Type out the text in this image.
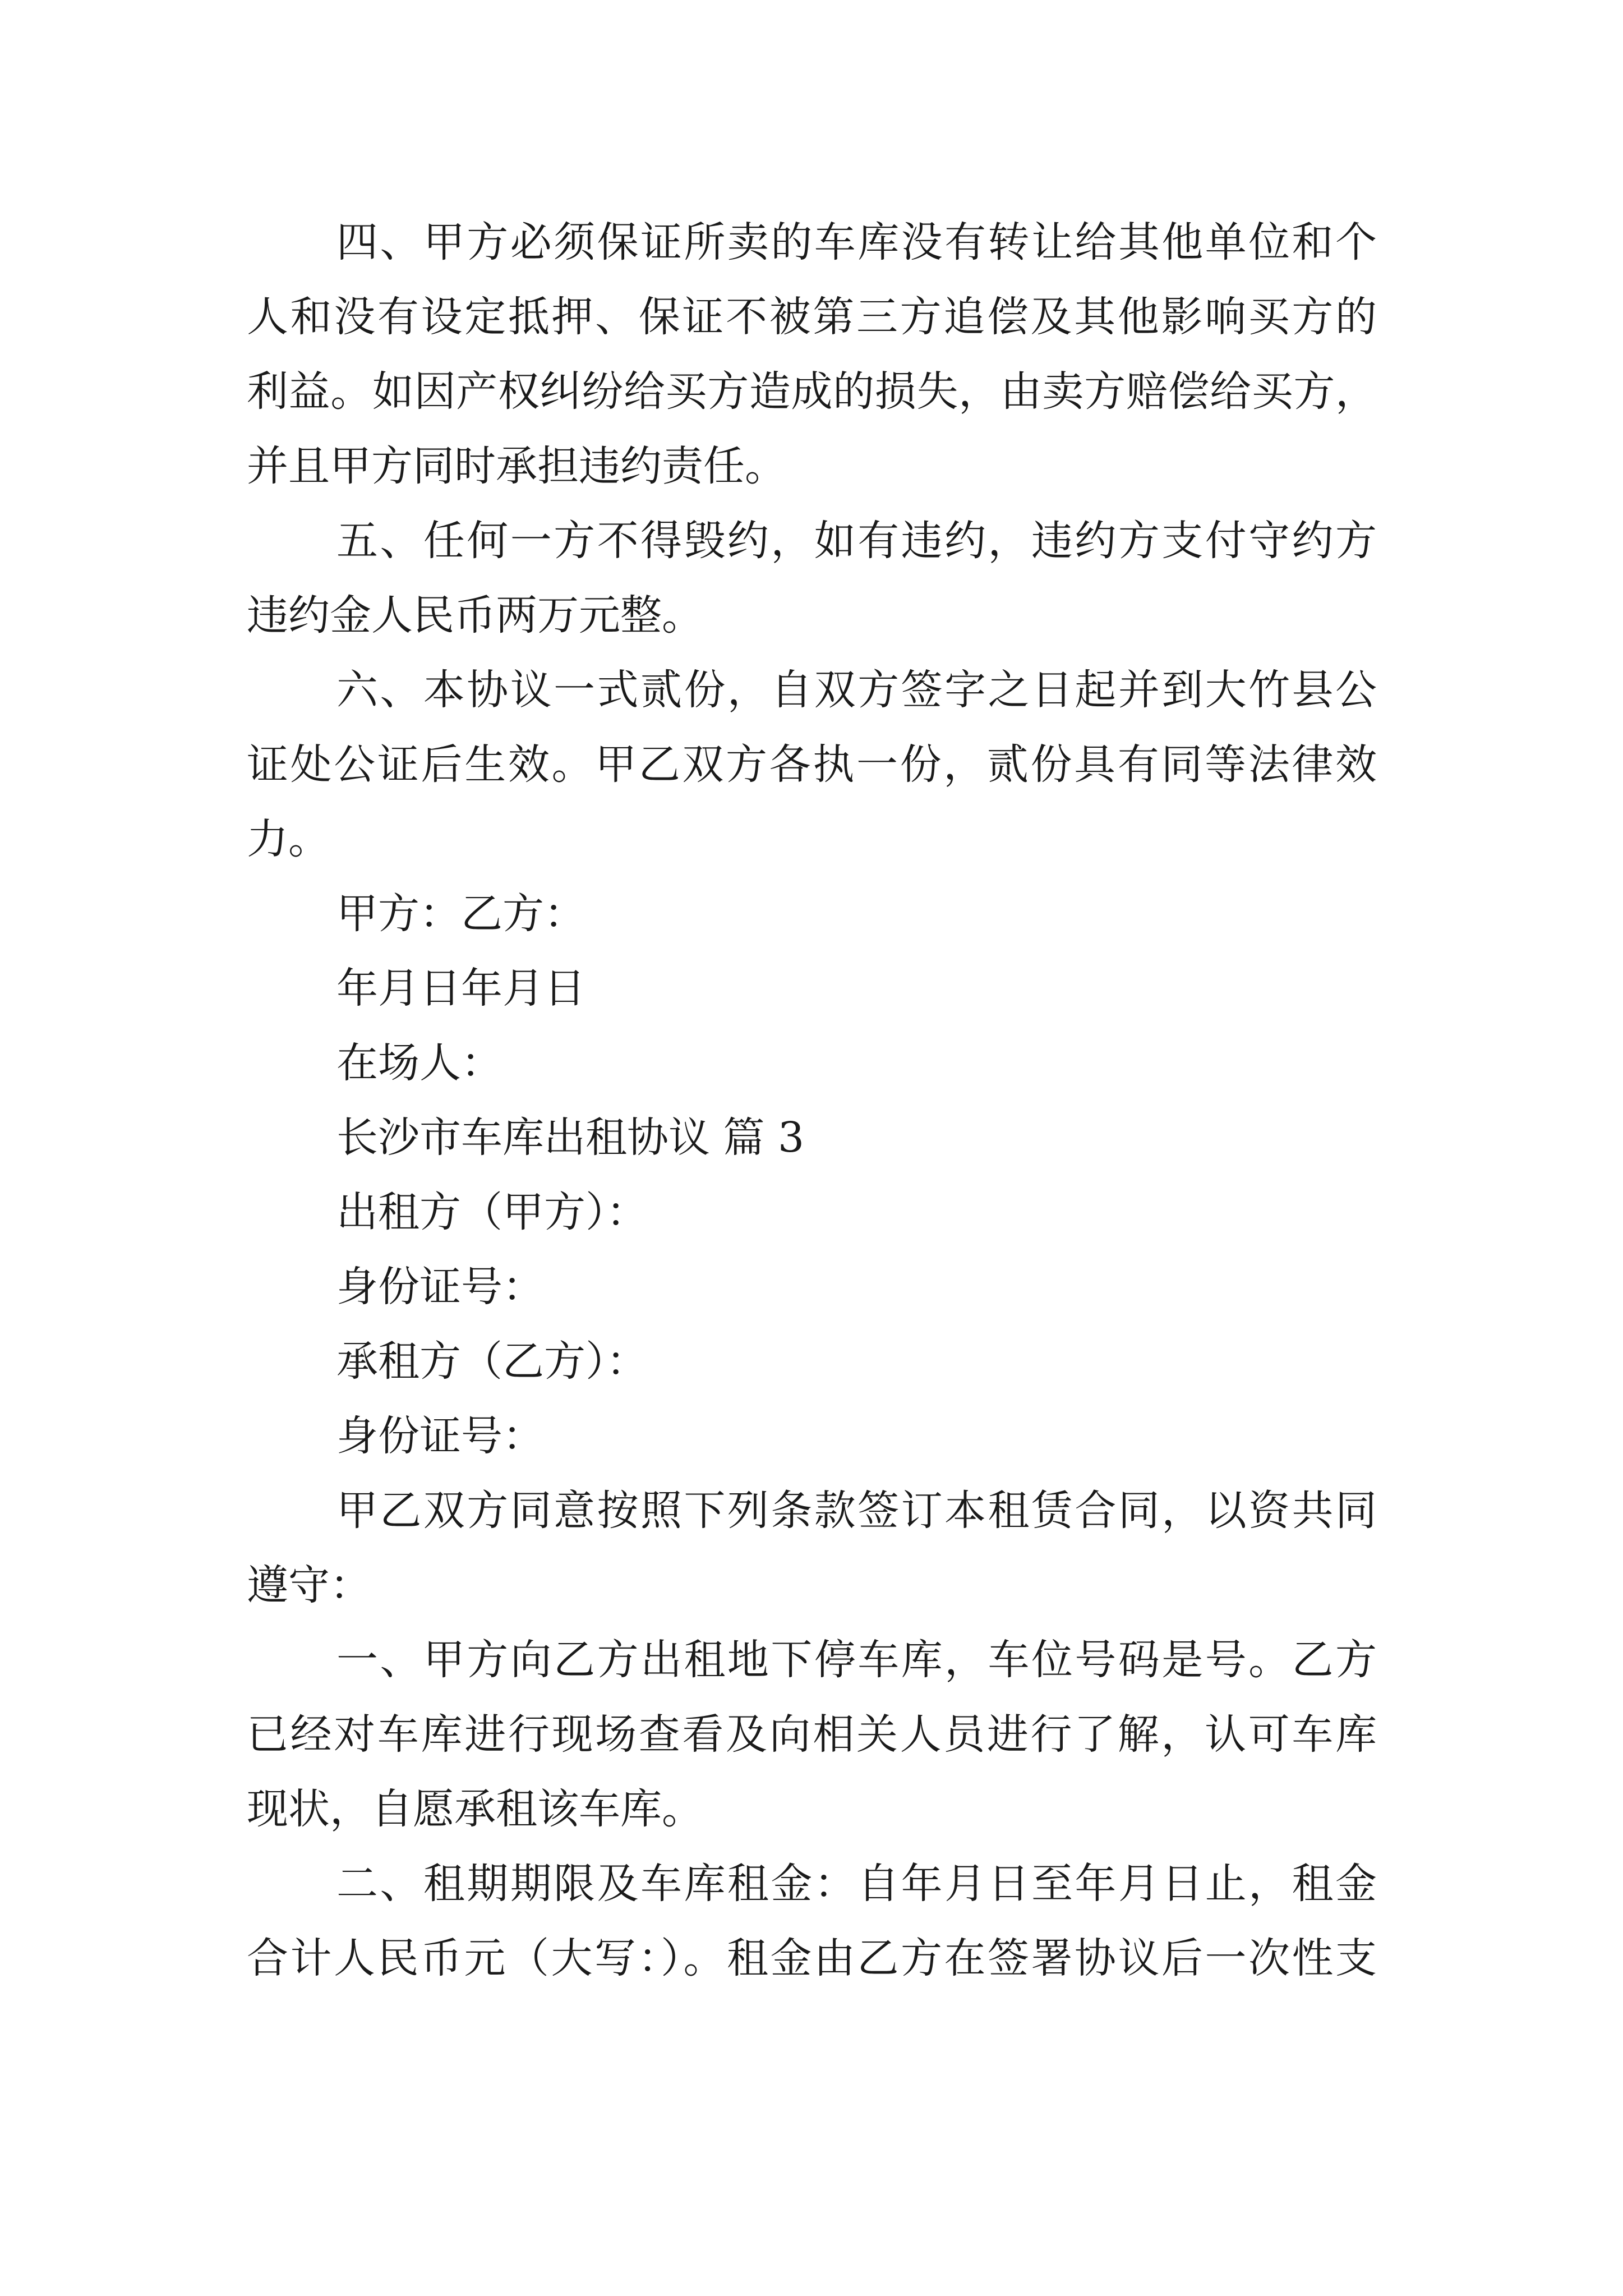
四、甲方必须保证所卖的车库没有转让给其他单位和个

人和没有设定抵押、保证不被第三方追偿及其他影响买方的

利益。如因产权纠纷给买方造成的损失，由卖方赔偿给买方，

并且甲方同时承担违约责任。

五、任何一方不得毁约，如有违约，违约方支付守约方

违约金人民币两万元整。

六、本协议一式贰份，自双方签字之日起并到大竹县公

证处公证后生效。甲乙双方各执一份，贰份具有同等法律效

力。

甲方：乙方：

年月日年月日

在场人：

长沙市车库出租协议 篇 3

出租方（甲方）：

身份证号：

承租方（乙方）：

身份证号：

甲乙双方同意按照下列条款签订本租赁合同，以资共同

遵守：

一、甲方向乙方出租地下停车库，车位号码是号。乙方

已经对车库进行现场查看及向相关人员进行了解，认可车库

现状，自愿承租该车库。

二、租期期限及车库租金：自年月日至年月日止，租金

合计人民币元（大写：）。租金由乙方在签署协议后一次性支
